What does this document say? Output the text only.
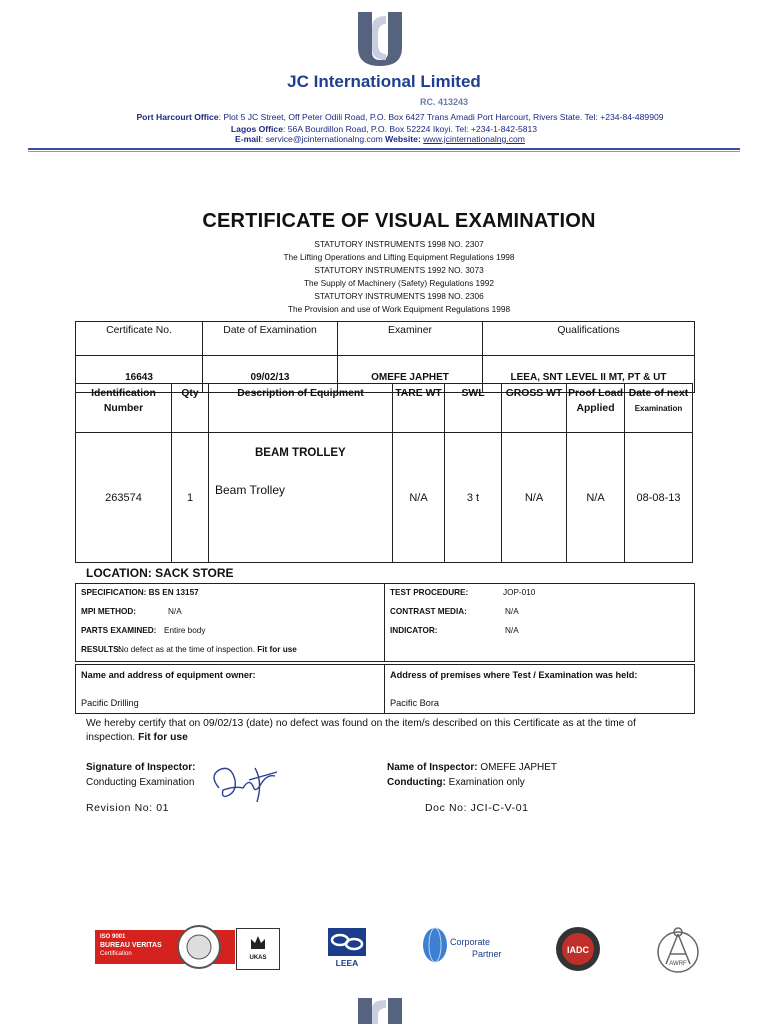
JC International Limited
RC. 413243
Port Harcourt Office: Plot 5 JC Street, Off Peter Odili Road, P.O. Box 6427 Trans Amadi Port Harcourt, Rivers State. Tel: +234-84-489909
Lagos Office: 56A Bourdillon Road, P.O. Box 52224 Ikoyi. Tel: +234-1-842-5813
E-mail: service@jcinternationalng.com Website: www.jcinternationalng.com
CERTIFICATE OF VISUAL EXAMINATION
STATUTORY INSTRUMENTS 1998 NO. 2307
The Lifting Operations and Lifting Equipment Regulations 1998
STATUTORY INSTRUMENTS 1992 NO. 3073
The Supply of Machinery (Safety) Regulations 1992
STATUTORY INSTRUMENTS 1998 NO. 2306
The Provision and use of Work Equipment Regulations 1998
Certificate No.	Date of Examination	Examiner	Qualifications
16643	09/02/13	OMEFE JAPHET	LEEA, SNT LEVEL II MT, PT & UT
Identification Number	Qty	Description of Equipment	TARE WT	SWL	GROSS WT	Proof Load Applied	Date of next
Examination

263574	1	BEAM TROLLEY
Beam Trolley	N/A	3 t	N/A	N/A	08-08-13
LOCATION: SACK STORE
SPECIFICATION: BS EN 13157
MPI METHOD:	N/A
PARTS EXAMINED: Entire body
RESULTS:
No defect as at the time of inspection. Fit for use

TEST PROCEDURE:	JOP-010
CONTRAST MEDIA:	N/A
INDICATOR:	N/A
Name and address of equipment owner:
Pacific Drilling

Address of premises where Test / Examination was held:
Pacific Bora
We hereby certify that on 09/02/13 (date) no defect was found on the item/s described on this Certificate as at the time of
inspection. Fit for use
Signature of Inspector:
Conducting Examination
Name of Inspector: OMEFE JAPHET
Conducting: Examination only
Revision No: 01	Doc No: JCI-C-V-01
ISO 9001
BUREAU VERITAS
Certification
UKAS	LEEA
Corporate
Partner	IADC
AWRF
